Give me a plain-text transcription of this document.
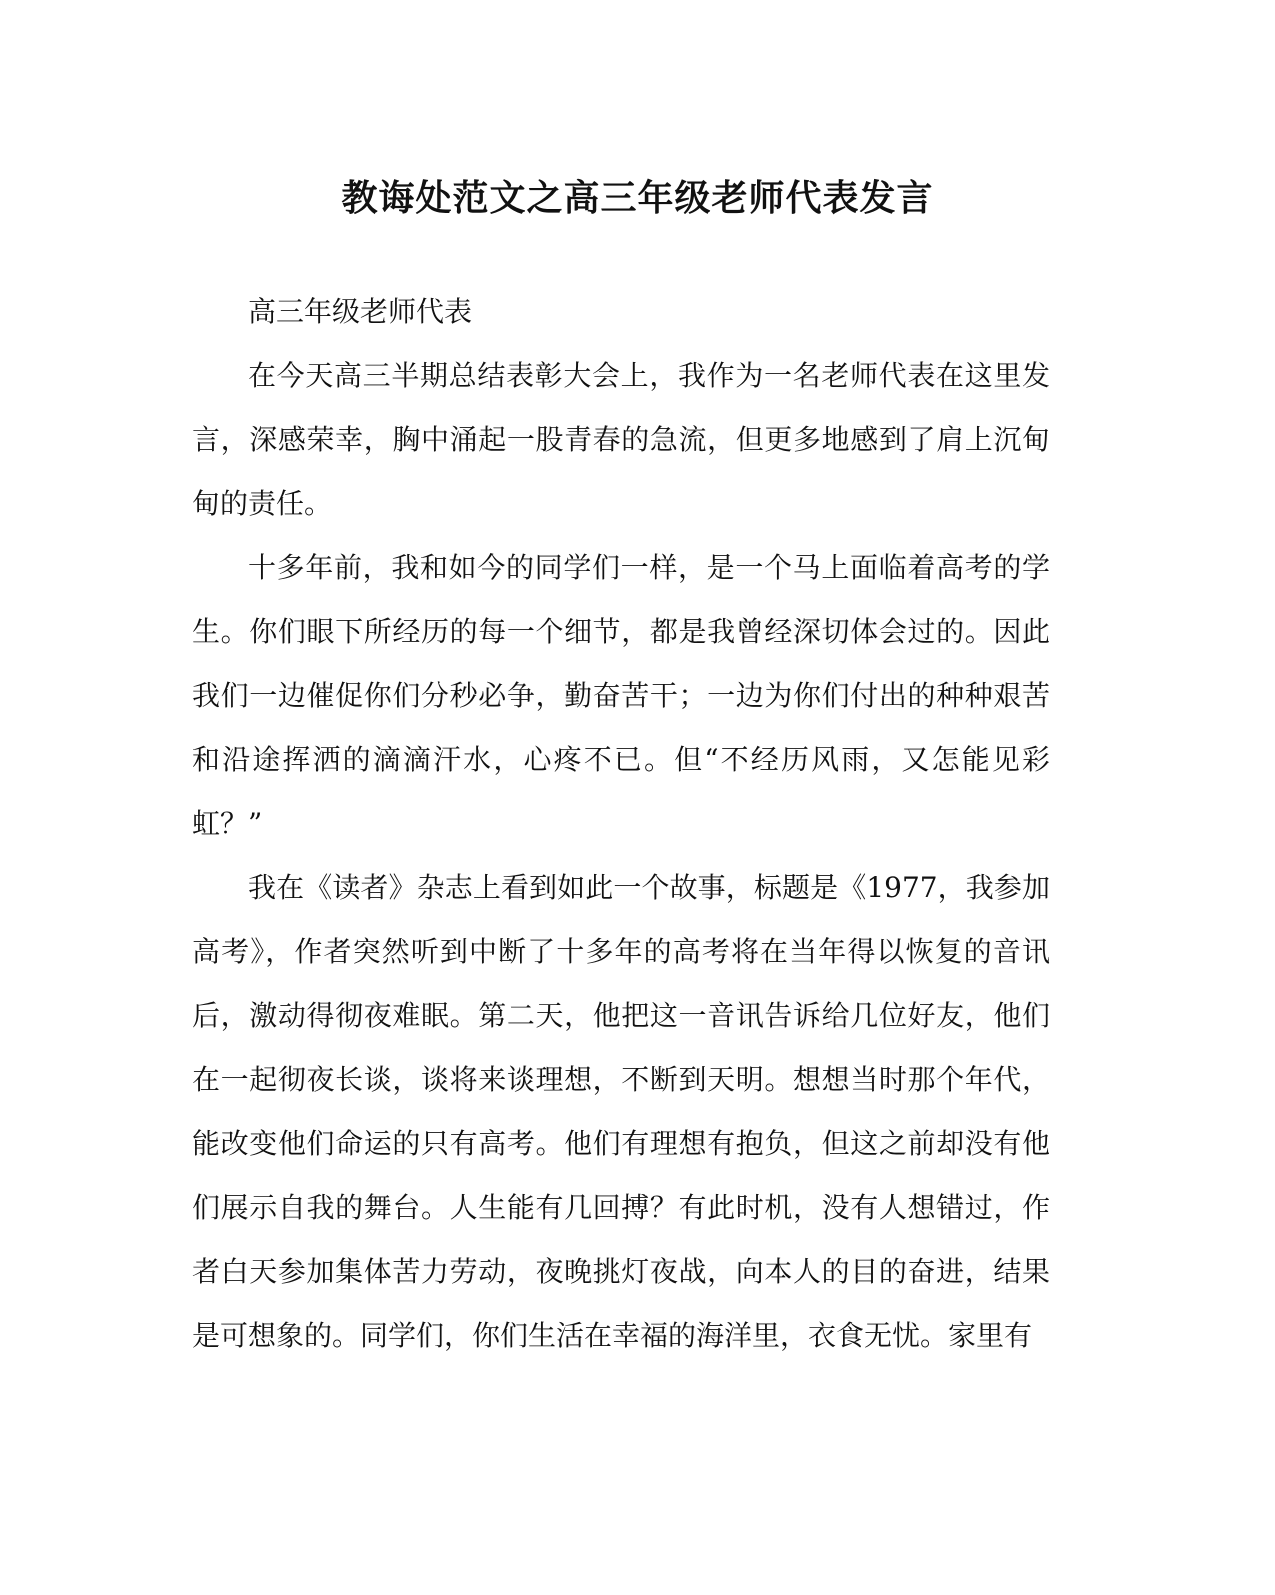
教诲处范文之高三年级老师代表发言

高三年级老师代表

在今天高三半期总结表彰大会上，我作为一名老师代表在这里发言，深感荣幸，胸中涌起一股青春的急流，但更多地感到了肩上沉甸甸的责任。

十多年前，我和如今的同学们一样，是一个马上面临着高考的学生。你们眼下所经历的每一个细节，都是我曾经深切体会过的。因此我们一边催促你们分秒必争，勤奋苦干；一边为你们付出的种种艰苦和沿途挥洒的滴滴汗水，心疼不已。但“不经历风雨，又怎能见彩虹？”

我在《读者》杂志上看到如此一个故事，标题是《1977，我参加高考》，作者突然听到中断了十多年的高考将在当年得以恢复的音讯后，激动得彻夜难眠。第二天，他把这一音讯告诉给几位好友，他们在一起彻夜长谈，谈将来谈理想，不断到天明。想想当时那个年代，能改变他们命运的只有高考。他们有理想有抱负，但这之前却没有他们展示自我的舞台。人生能有几回搏？有此时机，没有人想错过，作者白天参加集体苦力劳动，夜晚挑灯夜战，向本人的目的奋进，结果是可想象的。同学们，你们生活在幸福的海洋里，衣食无忧。家里有
